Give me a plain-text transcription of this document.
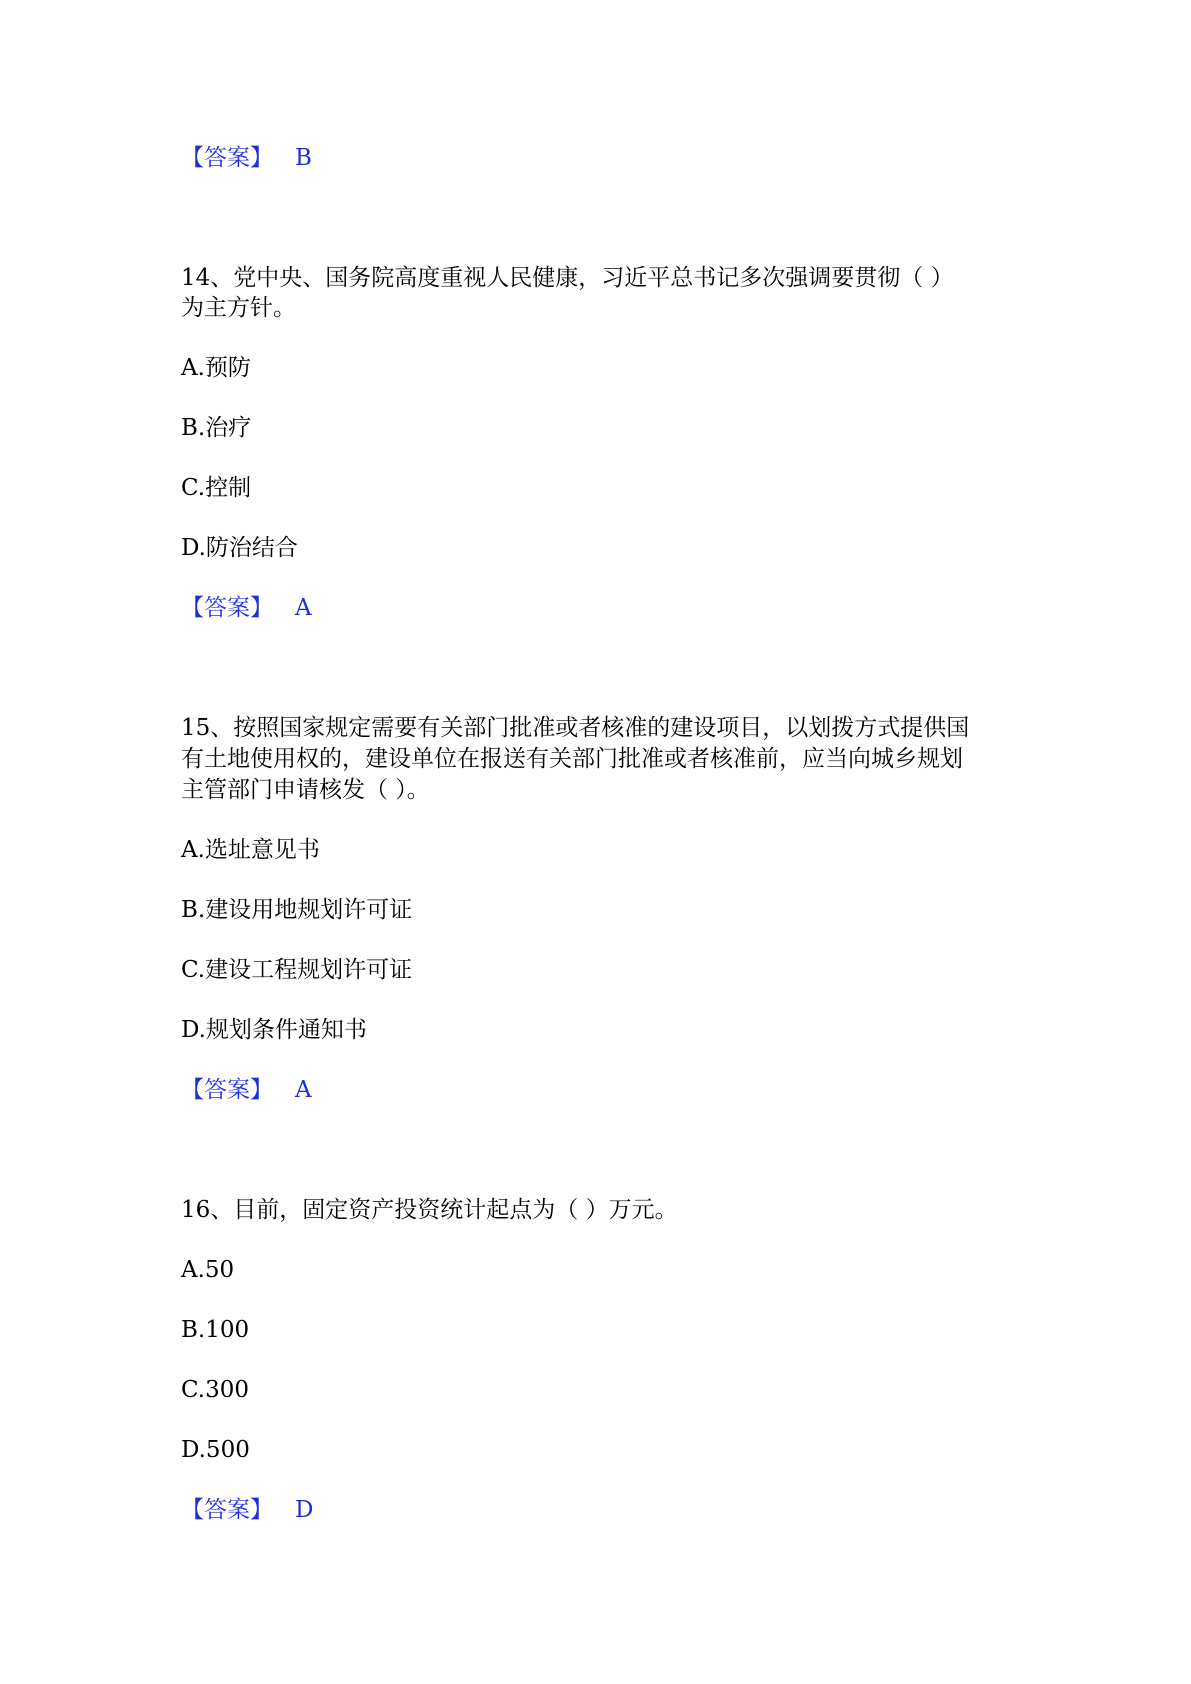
【答案】 B
14、党中央、国务院高度重视人民健康，习近平总书记多次强调要贯彻（ ）
为主方针。
A.预防
B.治疗
C.控制
D.防治结合
【答案】 A
15、按照国家规定需要有关部门批准或者核准的建设项目，以划拨方式提供国
有土地使用权的，建设单位在报送有关部门批准或者核准前，应当向城乡规划
主管部门申请核发（ ）。
A.选址意见书
B.建设用地规划许可证
C.建设工程规划许可证
D.规划条件通知书
【答案】 A
16、目前，固定资产投资统计起点为（ ）万元。
A.50
B.100
C.300
D.500
【答案】 D
